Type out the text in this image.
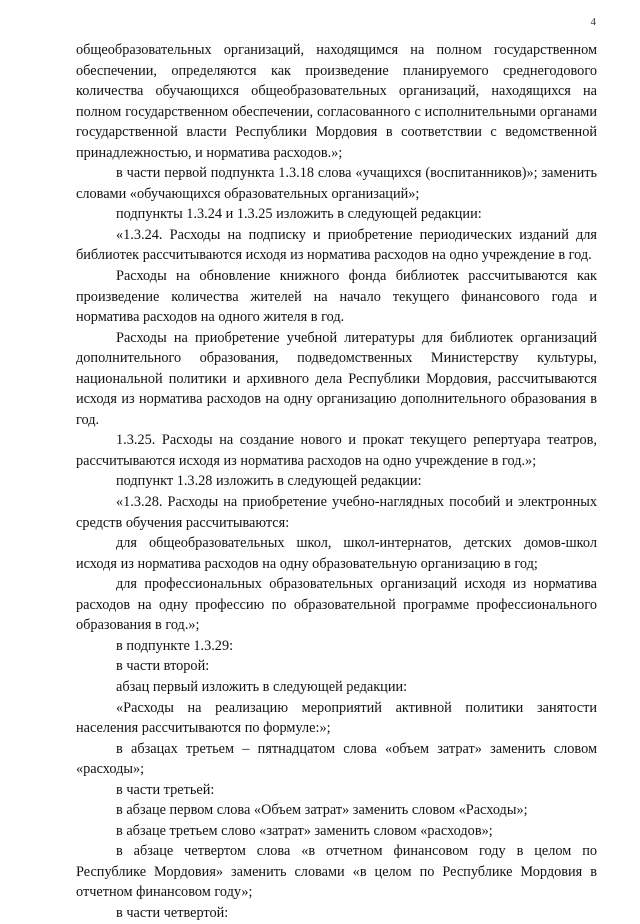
4

общеобразовательных организаций, находящимся на полном государственном обеспечении, определяются как произведение планируемого среднегодового количества обучающихся общеобразовательных организаций, находящихся на полном государственном обеспечении, согласованного с исполнительными органами государственной власти Республики Мордовия в соответствии с ведомственной принадлежностью, и норматива расходов.»;

в части первой подпункта 1.3.18 слова «учащихся (воспитанников)»; заменить словами «обучающихся образовательных организаций»;

подпункты 1.3.24 и 1.3.25 изложить в следующей редакции:

«1.3.24. Расходы на подписку и приобретение периодических изданий для библиотек рассчитываются исходя из норматива расходов на одно учреждение в год.

Расходы на обновление книжного фонда библиотек рассчитываются как произведение количества жителей на начало текущего финансового года и норматива расходов на одного жителя в год.

Расходы на приобретение учебной литературы для библиотек организаций дополнительного образования, подведомственных Министерству культуры, национальной политики и архивного дела Республики Мордовия, рассчитываются исходя из норматива расходов на одну организацию дополнительного образования в год.

1.3.25. Расходы на создание нового и прокат текущего репертуара театров, рассчитываются исходя из норматива расходов на одно учреждение в год.»;

подпункт 1.3.28 изложить в следующей редакции:

«1.3.28. Расходы на приобретение учебно-наглядных пособий и электронных средств обучения рассчитываются:

для общеобразовательных школ, школ-интернатов, детских домов-школ исходя из норматива расходов на одну образовательную организацию в год;

для профессиональных образовательных организаций исходя из норматива расходов на одну профессию по образовательной программе профессионального образования в год.»;

в подпункте 1.3.29:

в части второй:

абзац первый изложить в следующей редакции:

«Расходы на реализацию мероприятий активной политики занятости населения рассчитываются по формуле:»;

в абзацах третьем – пятнадцатом слова «объем затрат» заменить словом «расходы»;

в части третьей:

в абзаце первом слова «Объем затрат» заменить словом «Расходы»;

в абзаце третьем слово «затрат» заменить словом «расходов»;

в абзаце четвертом слова «в отчетном финансовом году в целом по Республике Мордовия» заменить словами «в целом по Республике Мордовия в отчетном финансовом году»;

в части четвертой:
